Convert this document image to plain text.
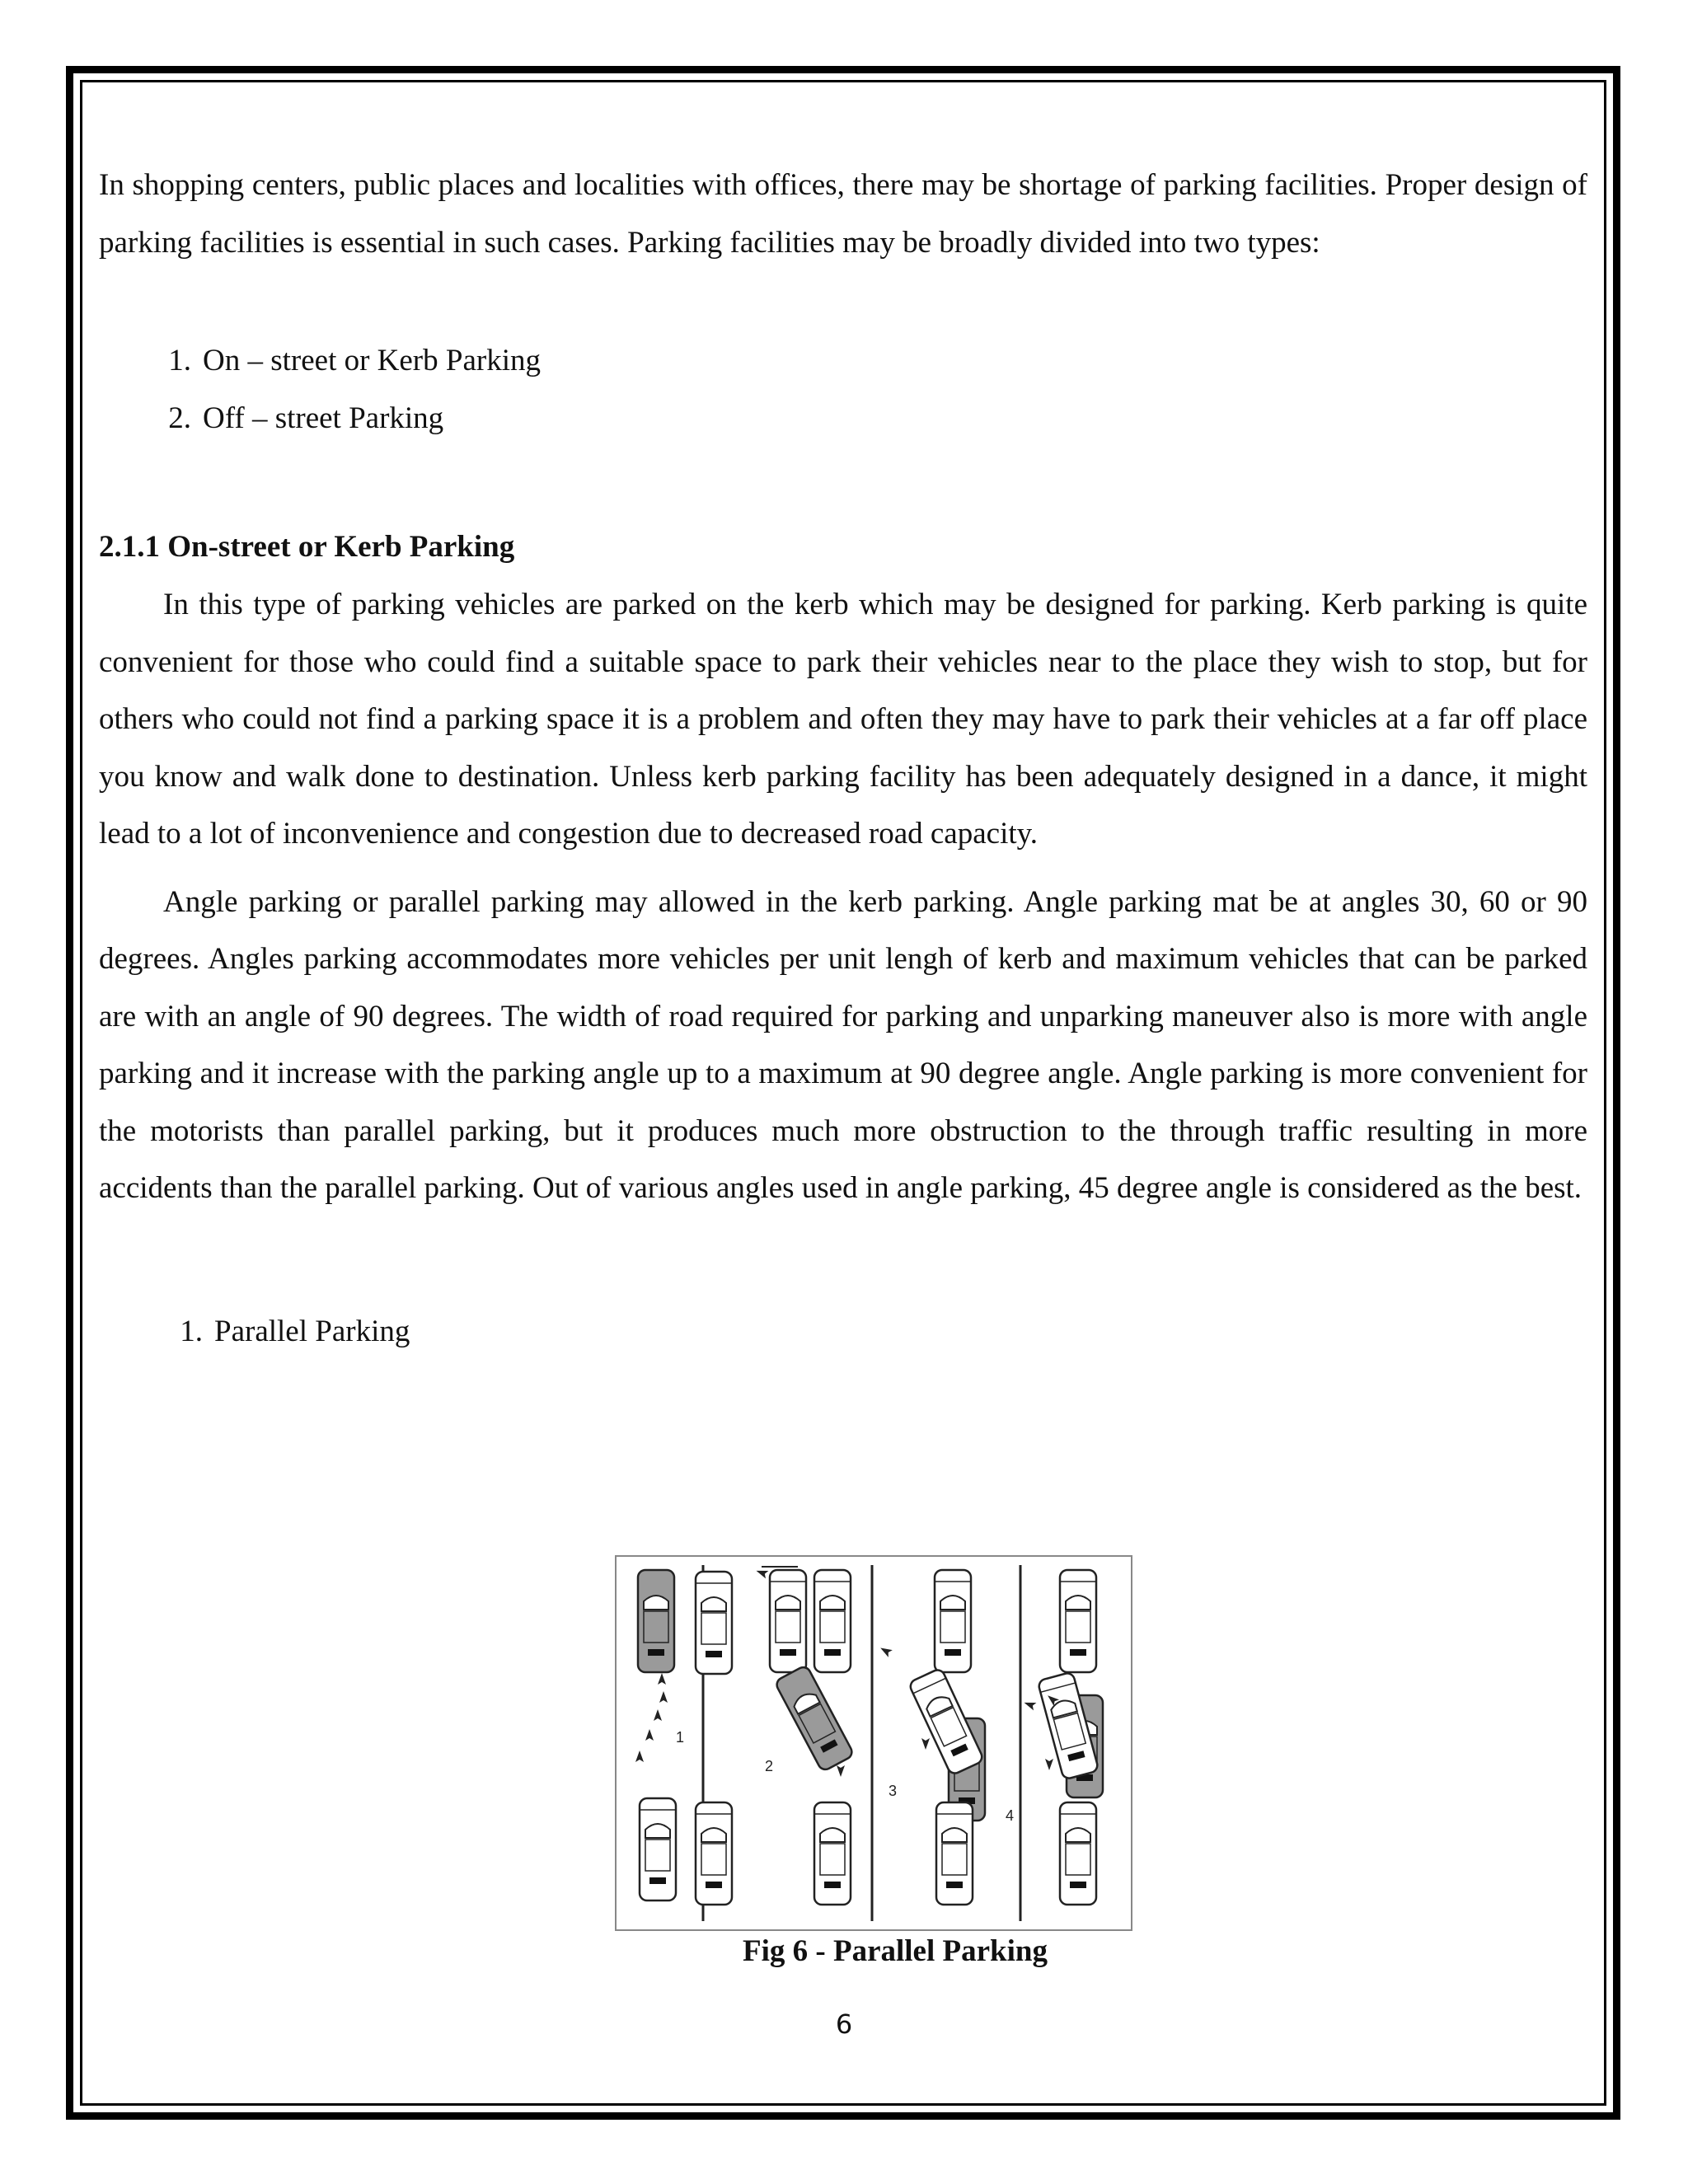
In shopping centers, public places and localities with offices, there may be shortage of parking facilities. Proper design of parking facilities is essential in such cases. Parking facilities may be broadly divided into two types:

1. On – street or Kerb Parking
2. Off – street Parking
2.1.1 On-street or Kerb Parking

In this type of parking vehicles are parked on the kerb which may be designed for parking. Kerb parking is quite convenient for those who could find a suitable space to park their vehicles near to the place they wish to stop, but for others who could not find a parking space it is a problem and often they may have to park their vehicles at a far off place you know and walk done to destination. Unless kerb parking facility has been adequately designed in a dance, it might lead to a lot of inconvenience and congestion due to decreased road capacity.

Angle parking or parallel parking may allowed in the kerb parking. Angle parking mat be at angles 30, 60 or 90 degrees. Angles parking accommodates more vehicles per unit lengh of kerb and maximum vehicles that can be parked are with an angle of 90 degrees. The width of road required for parking and unparking maneuver also is more with angle parking and it increase with the parking angle up to a maximum at 90 degree angle. Angle parking is more convenient for the motorists than parallel parking, but it produces much more obstruction to the through traffic resulting in more accidents than the parallel parking. Out of various angles used in angle parking, 45 degree angle is considered as the best.

1. Parallel Parking
1
2
3
4
Fig 6 - Parallel Parking
6
